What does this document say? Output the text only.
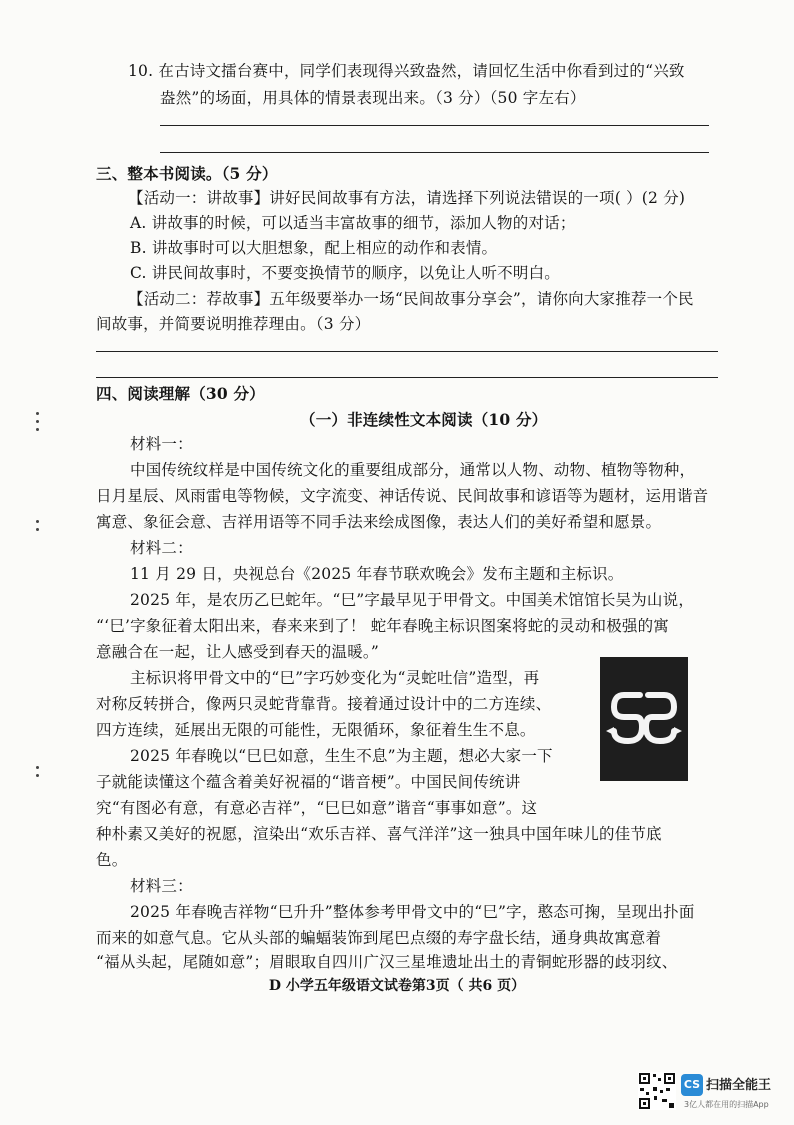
10. 在古诗文擂台赛中，同学们表现得兴致盎然，请回忆生活中你看到过的“兴致
盎然”的场面，用具体的情景表现出来。（3 分）（50 字左右）
三、整本书阅读。（5 分）
【活动一：讲故事】讲好民间故事有方法，请选择下列说法错误的一项( ）(2 分)
A. 讲故事的时候，可以适当丰富故事的细节，添加人物的对话；
B. 讲故事时可以大胆想象，配上相应的动作和表情。
C. 讲民间故事时，不要变换情节的顺序，以免让人听不明白。
【活动二：荐故事】五年级要举办一场“民间故事分享会”，请你向大家推荐一个民
间故事，并简要说明推荐理由。（3 分）
四、阅读理解（30 分）
（一）非连续性文本阅读（10 分）
材料一：
中国传统纹样是中国传统文化的重要组成部分，通常以人物、动物、植物等物种，
日月星辰、风雨雷电等物候，文字流变、神话传说、民间故事和谚语等为题材，运用谐音
寓意、象征会意、吉祥用语等不同手法来绘成图像，表达人们的美好希望和愿景。
材料二：
11 月 29 日，央视总台《2025 年春节联欢晚会》发布主题和主标识。
2025 年，是农历乙巳蛇年。“巳”字最早见于甲骨文。中国美术馆馆长吴为山说，
“‘巳’字象征着太阳出来，春来来到了！ 蛇年春晚主标识图案将蛇的灵动和极强的寓
意融合在一起，让人感受到春天的温暖。”
主标识将甲骨文中的“巳”字巧妙变化为“灵蛇吐信”造型，再
对称反转拼合，像两只灵蛇背靠背。接着通过设计中的二方连续、
四方连续，延展出无限的可能性，无限循环，象征着生生不息。
2025 年春晚以“巳巳如意，生生不息”为主题，想必大家一下
子就能读懂这个蕴含着美好祝福的“谐音梗”。中国民间传统讲
究“有图必有意，有意必吉祥”，“巳巳如意”谐音“事事如意”。这
种朴素又美好的祝愿，渲染出“欢乐吉祥、喜气洋洋”这一独具中国年味儿的佳节底
色。
材料三：
2025 年春晚吉祥物“巳升升”整体参考甲骨文中的“巳”字，憨态可掬，呈现出扑面
而来的如意气息。它从头部的蝙蝠装饰到尾巴点缀的寿字盘长结，通身典故寓意着
“福从头起，尾随如意”；眉眼取自四川广汉三星堆遗址出土的青铜蛇形器的歧羽纹、
D 小学五年级语文试卷第3页（ 共6 页）
CS 扫描全能王
3亿人都在用的扫描App
